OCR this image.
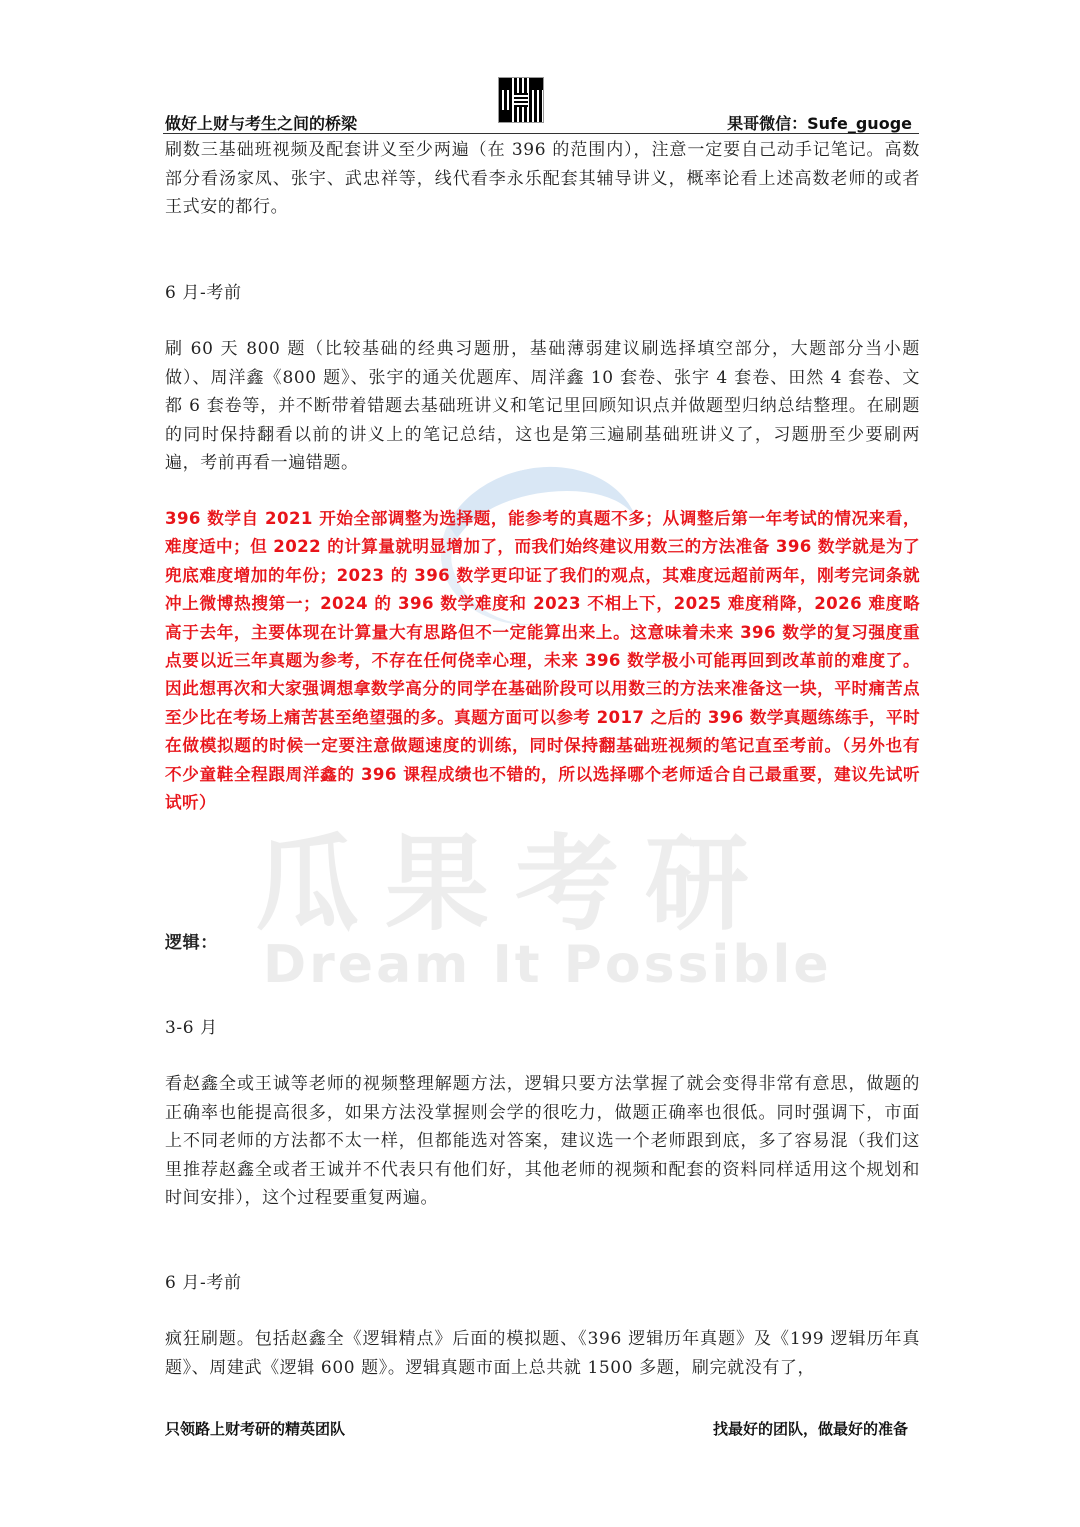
做好上财与考生之间的桥梁	果哥微信：Sufe_guoge
瓜果考研
Dream It Possible

刷数三基础班视频及配套讲义至少两遍（在 396 的范围内），注意一定要自己动手记笔记。高数部分看汤家凤、张宇、武忠祥等，线代看李永乐配套其辅导讲义，概率论看上述高数老师的或者王式安的都行。

6 月-考前

刷 60 天 800 题（比较基础的经典习题册，基础薄弱建议刷选择填空部分，大题部分当小题做）、周洋鑫《800 题》、张宇的通关优题库、周洋鑫 10 套卷、张宇 4 套卷、田然 4 套卷、文都 6 套卷等，并不断带着错题去基础班讲义和笔记里回顾知识点并做题型归纳总结整理。在刷题的同时保持翻看以前的讲义上的笔记总结，这也是第三遍刷基础班讲义了，习题册至少要刷两遍，考前再看一遍错题。

396 数学自 2021 开始全部调整为选择题，能参考的真题不多；从调整后第一年考试的情况来看，难度适中；但 2022 的计算量就明显增加了，而我们始终建议用数三的方法准备 396 数学就是为了兜底难度增加的年份；2023 的 396 数学更印证了我们的观点，其难度远超前两年，刚考完词条就冲上微博热搜第一；2024 的 396 数学难度和 2023 不相上下，2025 难度稍降，2026 难度略高于去年，主要体现在计算量大有思路但不一定能算出来上。这意味着未来 396 数学的复习强度重点要以近三年真题为参考，不存在任何侥幸心理，未来 396 数学极小可能再回到改革前的难度了。因此想再次和大家强调想拿数学高分的同学在基础阶段可以用数三的方法来准备这一块，平时痛苦点至少比在考场上痛苦甚至绝望强的多。真题方面可以参考 2017 之后的 396 数学真题练练手，平时在做模拟题的时候一定要注意做题速度的训练，同时保持翻基础班视频的笔记直至考前。（另外也有不少童鞋全程跟周洋鑫的 396 课程成绩也不错的，所以选择哪个老师适合自己最重要，建议先试听试听）

逻辑：

3-6 月

看赵鑫全或王诚等老师的视频整理解题方法，逻辑只要方法掌握了就会变得非常有意思，做题的正确率也能提高很多，如果方法没掌握则会学的很吃力，做题正确率也很低。同时强调下，市面上不同老师的方法都不太一样，但都能选对答案，建议选一个老师跟到底，多了容易混（我们这里推荐赵鑫全或者王诚并不代表只有他们好，其他老师的视频和配套的资料同样适用这个规划和时间安排），这个过程要重复两遍。

6 月-考前

疯狂刷题。包括赵鑫全《逻辑精点》后面的模拟题、《396 逻辑历年真题》及《199 逻辑历年真题》、周建武《逻辑 600 题》。逻辑真题市面上总共就 1500 多题，刷完就没有了，

只领路上财考研的精英团队	找最好的团队，做最好的准备
